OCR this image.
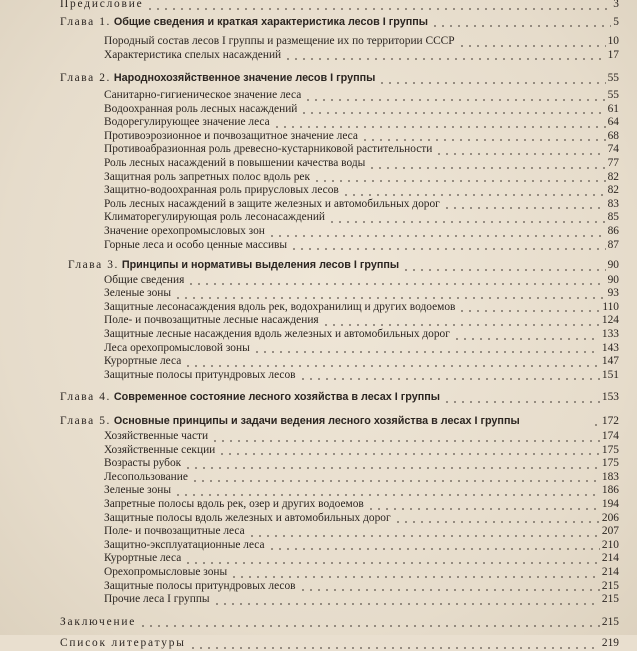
Предисловие	3
Глава 1. Общие сведения и краткая характеристика лесов I группы	5
Породный состав лесов I группы и размещение их по территории СССР	10
Характеристика спелых насаждений	17
Глава 2. Народнохозяйственное значение лесов I группы	55
Санитарно-гигиеническое значение леса	55
Водоохранная роль лесных насаждений	61
Водорегулирующее значение леса	64
Противоэрозионное и почвозащитное значение леса	68
Противоабразионная роль древесно-кустарниковой растительности	74
Роль лесных насаждений в повышении качества воды	77
Защитная роль запретных полос вдоль рек	82
Защитно-водоохранная роль прирусловых лесов	82
Роль лесных насаждений в защите железных и автомобильных дорог	83
Климаторегулирующая роль лесонасаждений	85
Значение орехопромысловых зон	86
Горные леса и особо ценные массивы	87
Глава 3. Принципы и нормативы выделения лесов I группы	90
Общие сведения	90
Зеленые зоны	93
Защитные лесонасаждения вдоль рек, водохранилищ и других водоемов	110
Поле- и почвозащитные лесные насаждения	124
Защитные лесные насаждения вдоль железных и автомобильных дорог	133
Леса орехопромысловой зоны	143
Курортные леса	147
Защитные полосы притундровых лесов	151
Глава 4. Современное состояние лесного хозяйства в лесах I группы	153
Глава 5. Основные принципы и задачи ведения лесного хозяйства в лесах I группы	172
Хозяйственные части	174
Хозяйственные секции	175
Возрасты рубок	175
Лесопользование	183
Зеленые зоны	186
Запретные полосы вдоль рек, озер и других водоемов	194
Защитные полосы вдоль железных и автомобильных дорог	206
Поле- и почвозащитные леса	207
Защитно-эксплуатационные леса	210
Курортные леса	214
Орехопромысловые зоны	214
Защитные полосы притундровых лесов	215
Прочие леса I группы	215
Заключение	215
Список литературы	219
